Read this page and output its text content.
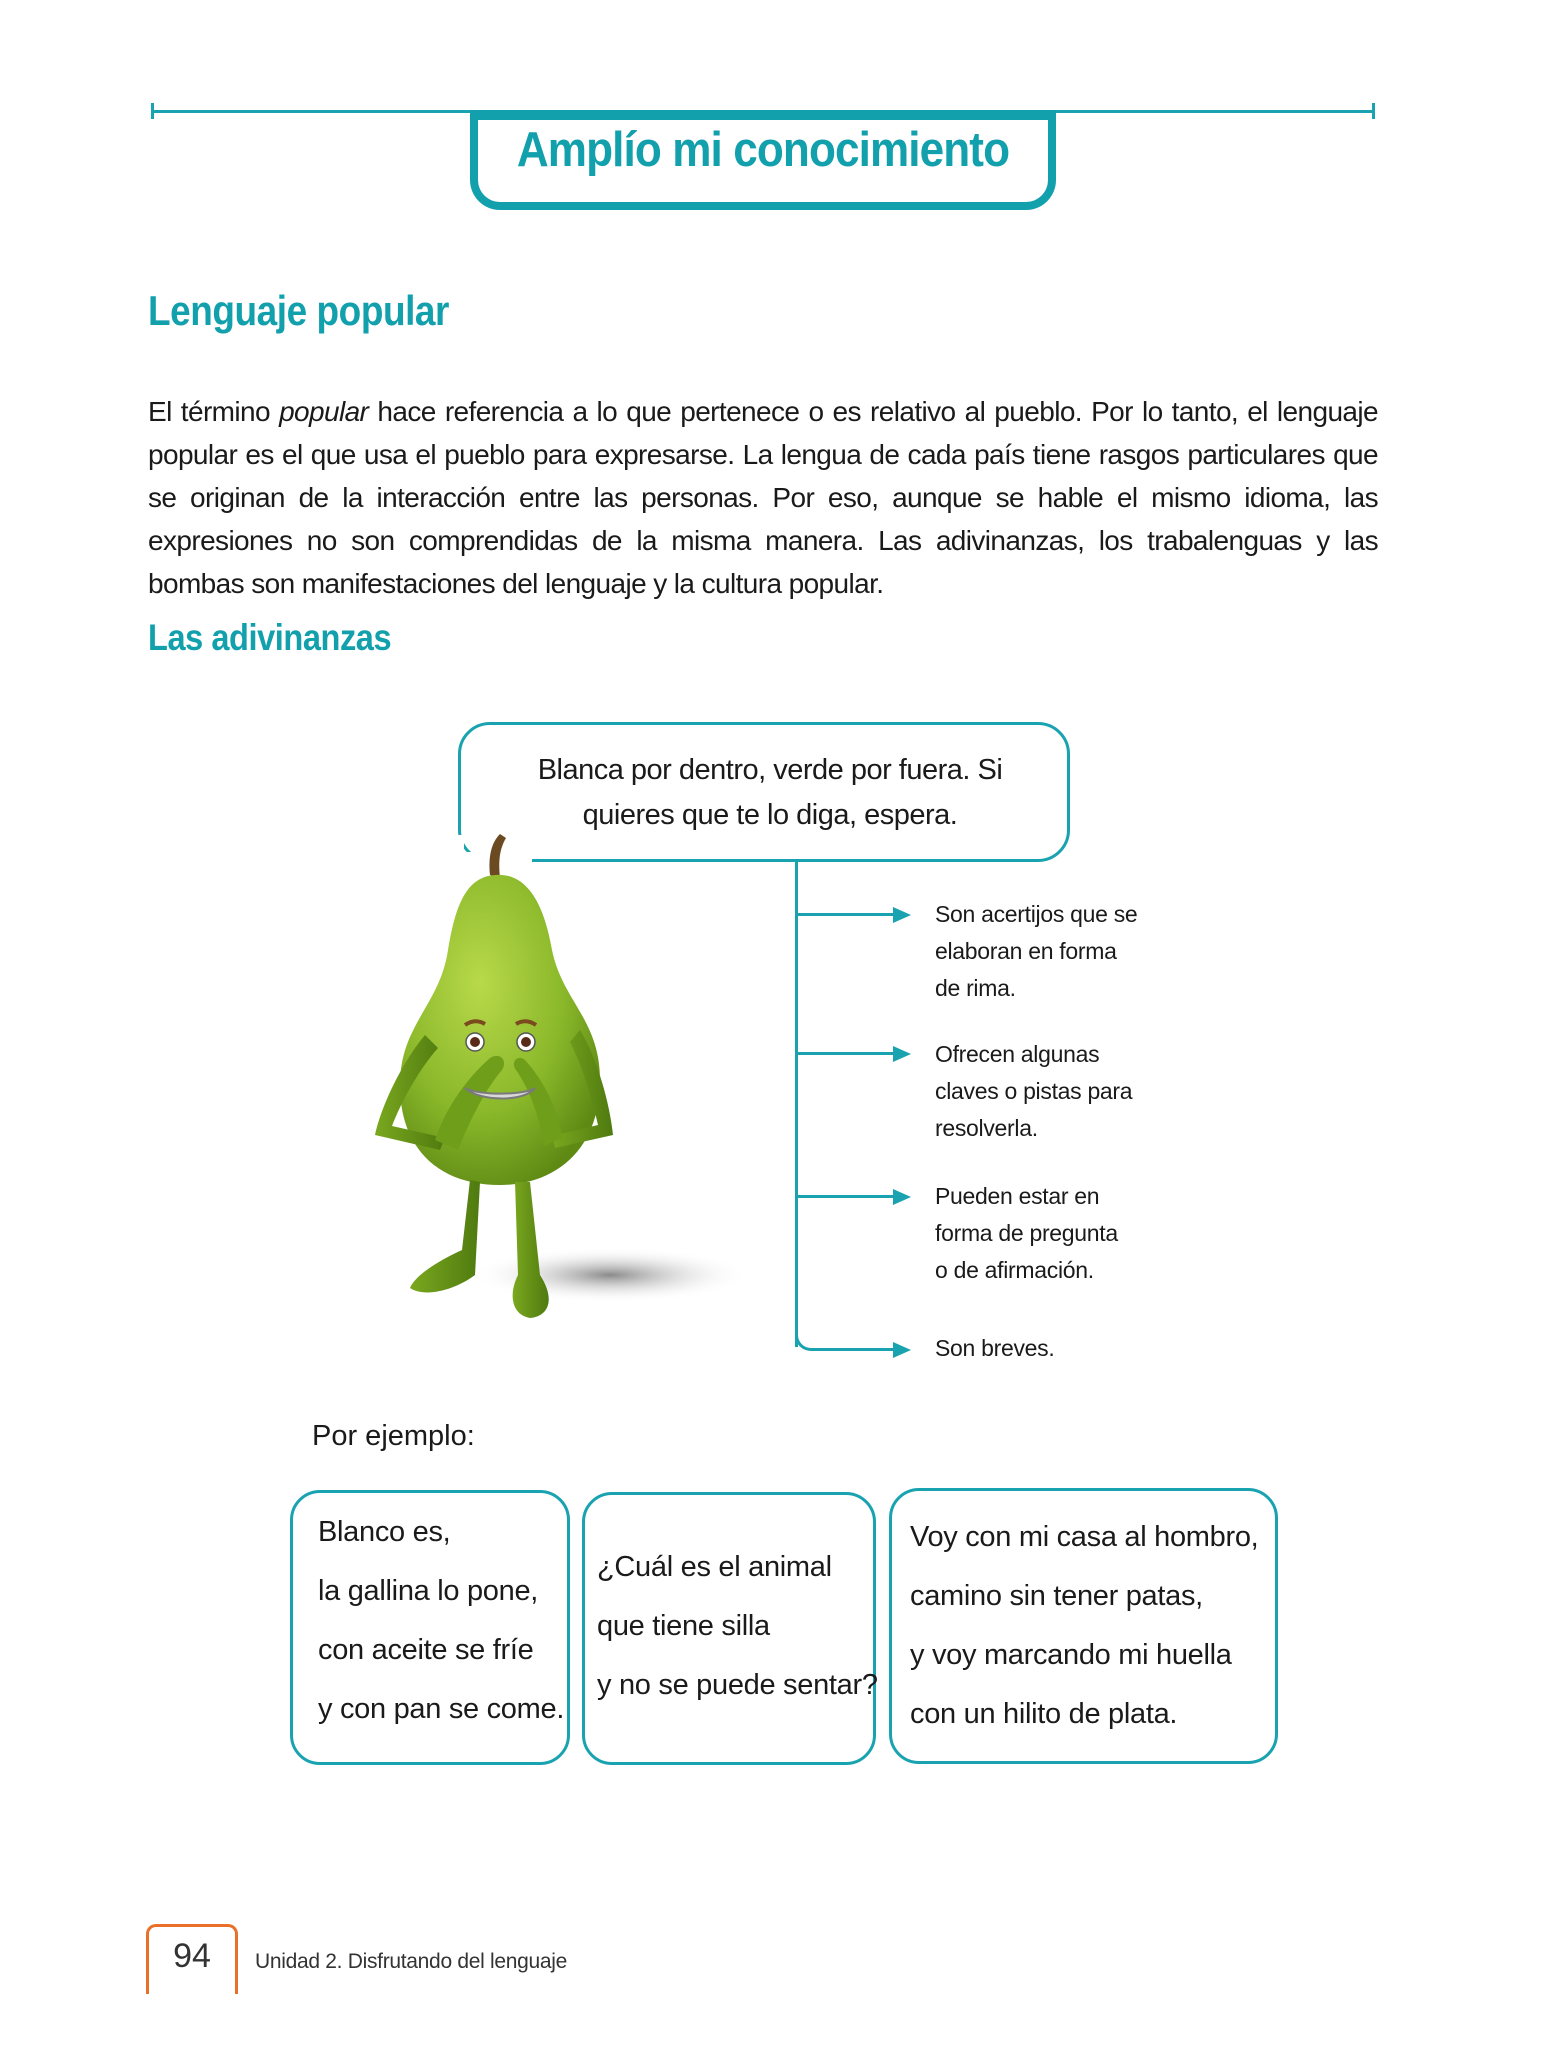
Amplío mi conocimiento
Lenguaje popular

El término popular hace referencia a lo que pertenece o es relativo al pueblo. Por lo tanto, el lenguaje popular es el que usa el pueblo para expresarse. La lengua de cada país tiene rasgos particulares que se originan de la interacción entre las personas. Por eso, aunque se hable el mismo idioma, las expresiones no son comprendidas de la misma manera. Las adivinanzas, los trabalenguas y las bombas son manifestaciones del lenguaje y la cultura popular.

Las adivinanzas
Blanca por dentro, verde por fuera. Si
quieres que te lo diga, espera.
Son acertijos que se
elaboran en forma
de rima.
Ofrecen algunas
claves o pistas para
resolverla.
Pueden estar en
forma de pregunta
o de afirmación.
Son breves.
Por ejemplo:
Blanco es,
la gallina lo pone,
con aceite se fríe
y con pan se come.
¿Cuál es el animal
que tiene silla
y no se puede sentar?
Voy con mi casa al hombro,
camino sin tener patas,
y voy marcando mi huella
con un hilito de plata.
94	Unidad 2. Disfrutando del lenguaje
